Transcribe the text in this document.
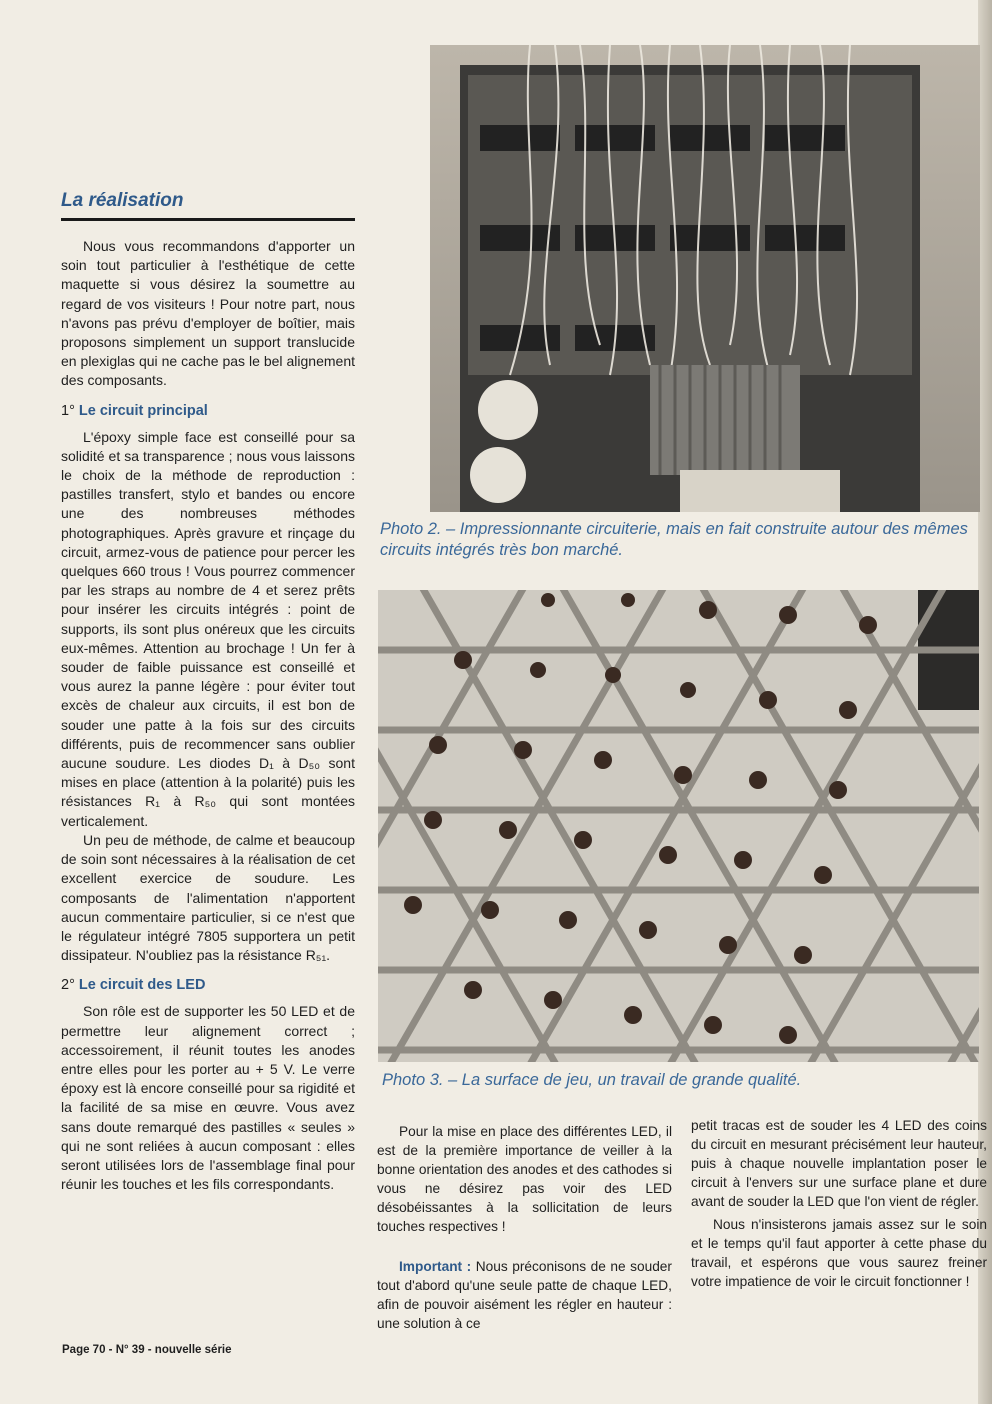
La réalisation

Nous vous recommandons d'apporter un soin tout particulier à l'esthétique de cette maquette si vous désirez la soumettre au regard de vos visiteurs ! Pour notre part, nous n'avons pas prévu d'employer de boîtier, mais proposons simplement un support translucide en plexiglas qui ne cache pas le bel alignement des composants.

1° Le circuit principal

L'époxy simple face est conseillé pour sa solidité et sa transparence ; nous vous laissons le choix de la méthode de reproduction : pastilles transfert, stylo et bandes ou encore une des nombreuses méthodes photographiques. Après gravure et rinçage du circuit, armez-vous de patience pour percer les quelques 660 trous ! Vous pourrez commencer par les straps au nombre de 4 et serez prêts pour insérer les circuits intégrés : point de supports, ils sont plus onéreux que les circuits eux-mêmes. Attention au brochage ! Un fer à souder de faible puissance est conseillé et vous aurez la panne légère : pour éviter tout excès de chaleur aux circuits, il est bon de souder une patte à la fois sur des circuits différents, puis de recommencer sans oublier aucune soudure. Les diodes D₁ à D₅₀ sont mises en place (attention à la polarité) puis les résistances R₁ à R₅₀ qui sont montées verticalement.

Un peu de méthode, de calme et beaucoup de soin sont nécessaires à la réalisation de cet excellent exercice de soudure. Les composants de l'alimentation n'apportent aucun commentaire particulier, si ce n'est que le régulateur intégré 7805 supportera un petit dissipateur. N'oubliez pas la résistance R₅₁.

2° Le circuit des LED

Son rôle est de supporter les 50 LED et de permettre leur alignement correct ; accessoirement, il réunit toutes les anodes entre elles pour les porter au + 5 V. Le verre époxy est là encore conseillé pour sa rigidité et la facilité de sa mise en œuvre. Vous avez sans doute remarqué des pastilles « seules » qui ne sont reliées à aucun composant : elles seront utilisées lors de l'assemblage final pour réunir les touches et les fils correspondants.

Photo 2. – Impressionnante circuiterie, mais en fait construite autour des mêmes circuits intégrés très bon marché.

Photo 3. – La surface de jeu, un travail de grande qualité.

Pour la mise en place des différentes LED, il est de la première importance de veiller à la bonne orientation des anodes et des cathodes si vous ne désirez pas voir des LED désobéissantes à la sollicitation de leurs touches respectives !

Important : Nous préconisons de ne souder tout d'abord qu'une seule patte de chaque LED, afin de pouvoir aisément les régler en hauteur : une solution à ce

petit tracas est de souder les 4 LED des coins du circuit en mesurant précisément leur hauteur, puis à chaque nouvelle implantation poser le circuit à l'envers sur une surface plane et dure avant de souder la LED que l'on vient de régler.

Nous n'insisterons jamais assez sur le soin et le temps qu'il faut apporter à cette phase du travail, et espérons que vous saurez freiner votre impatience de voir le circuit fonctionner !

Page 70 - N° 39 - nouvelle série
